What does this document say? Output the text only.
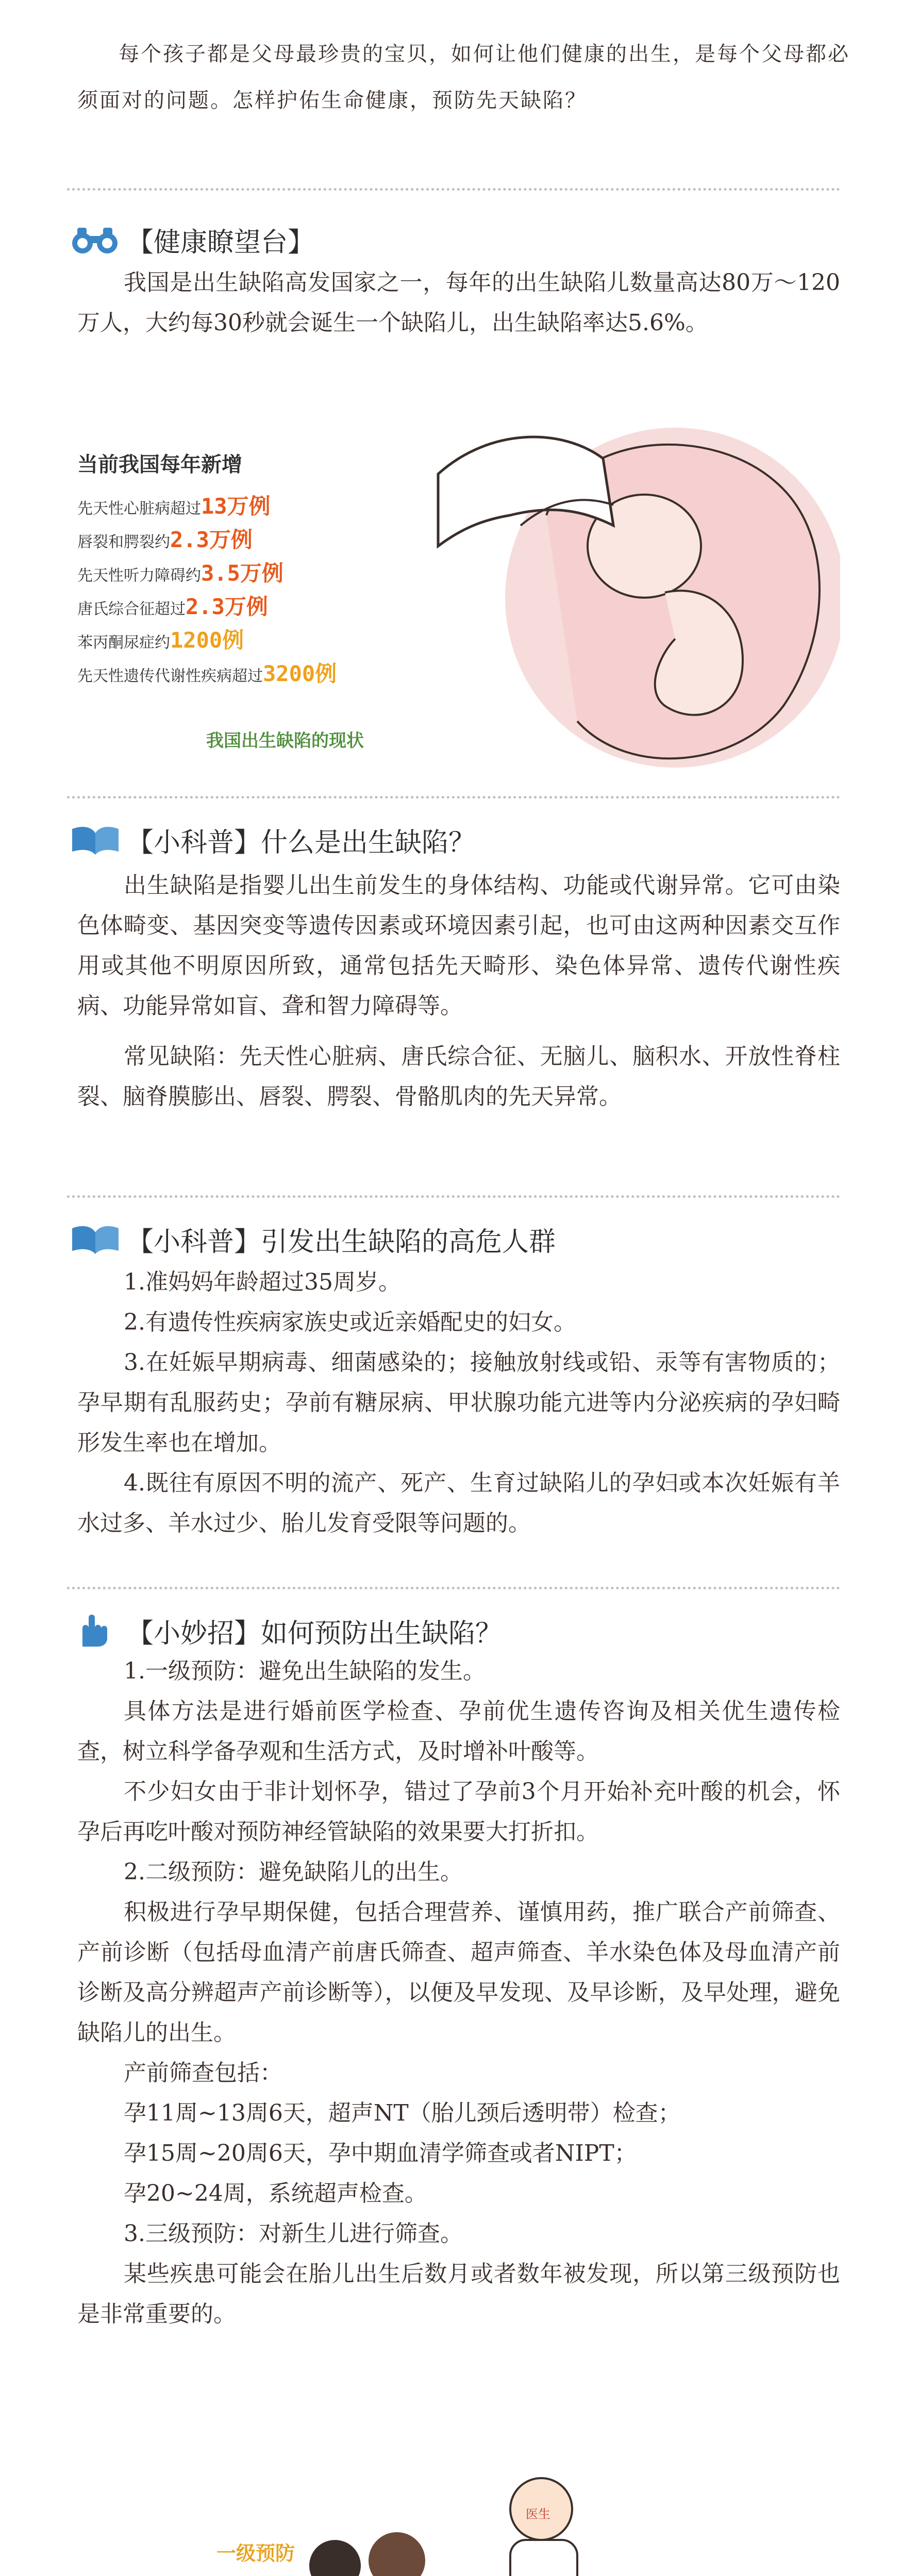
每个孩子都是父母最珍贵的宝贝，如何让他们健康的出生，是每个父母都必须面对的问题。怎样护佑生命健康，预防先天缺陷？

【健康瞭望台】

我国是出生缺陷高发国家之一，每年的出生缺陷儿数量高达80万～120万人，大约每30秒就会诞生一个缺陷儿，出生缺陷率达5.6%。

当前我国每年新增
先天性心脏病超过13万例
唇裂和腭裂约2.3万例
先天性听力障碍约3.5万例
唐氏综合征超过2.3万例
苯丙酮尿症约1200例
先天性遗传代谢性疾病超过3200例
我国出生缺陷的现状
【小科普】什么是出生缺陷？

出生缺陷是指婴儿出生前发生的身体结构、功能或代谢异常。它可由染色体畸变、基因突变等遗传因素或环境因素引起，也可由这两种因素交互作用或其他不明原因所致，通常包括先天畸形、染色体异常、遗传代谢性疾病、功能异常如盲、聋和智力障碍等。

常见缺陷：先天性心脏病、唐氏综合征、无脑儿、脑积水、开放性脊柱裂、脑脊膜膨出、唇裂、腭裂、骨骼肌肉的先天异常。

【小科普】引发出生缺陷的高危人群

1.准妈妈年龄超过35周岁。

2.有遗传性疾病家族史或近亲婚配史的妇女。

3.在妊娠早期病毒、细菌感染的；接触放射线或铅、汞等有害物质的；孕早期有乱服药史；孕前有糖尿病、甲状腺功能亢进等内分泌疾病的孕妇畸形发生率也在增加。

4.既往有原因不明的流产、死产、生育过缺陷儿的孕妇或本次妊娠有羊水过多、羊水过少、胎儿发育受限等问题的。

【小妙招】如何预防出生缺陷？

1.一级预防：避免出生缺陷的发生。

具体方法是进行婚前医学检查、孕前优生遗传咨询及相关优生遗传检查，树立科学备孕观和生活方式，及时增补叶酸等。

不少妇女由于非计划怀孕，错过了孕前3个月开始补充叶酸的机会，怀孕后再吃叶酸对预防神经管缺陷的效果要大打折扣。

2.二级预防：避免缺陷儿的出生。

积极进行孕早期保健，包括合理营养、谨慎用药，推广联合产前筛查、产前诊断（包括母血清产前唐氏筛查、超声筛查、羊水染色体及母血清产前诊断及高分辨超声产前诊断等），以便及早发现、及早诊断，及早处理，避免缺陷儿的出生。

产前筛查包括：

孕11周~13周6天，超声NT（胎儿颈后透明带）检查；

孕15周~20周6天，孕中期血清学筛查或者NIPT；

孕20~24周，系统超声检查。

3.三级预防：对新生儿进行筛查。

某些疾患可能会在胎儿出生后数月或者数年被发现，所以第三级预防也是非常重要的。

一级预防
医生
